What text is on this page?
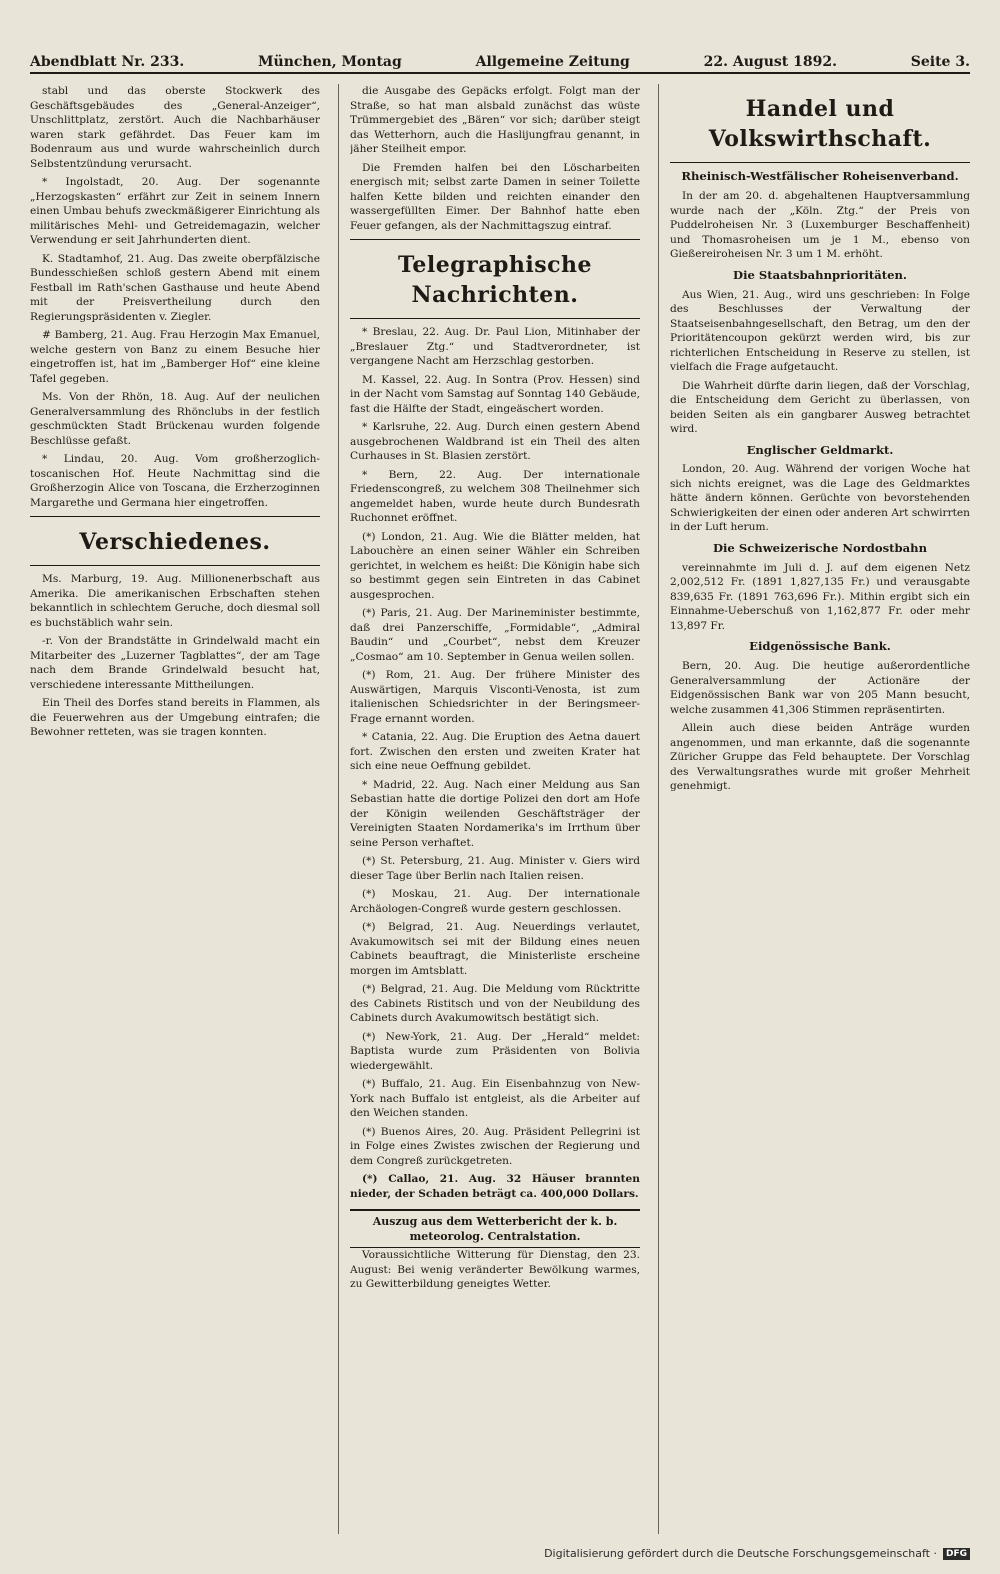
Abendblatt Nr. 233.	München, Montag	Allgemeine Zeitung	22. August 1892.	Seite 3.

stabl und das oberste Stockwerk des Geschäftsgebäudes des „General-Anzeiger“, Unschlittplatz, zerstört. Auch die Nachbarhäuser waren stark gefährdet. Das Feuer kam im Bodenraum aus und wurde wahrscheinlich durch Selbstentzündung verursacht.

* Ingolstadt, 20. Aug. Der sogenannte „Herzogskasten“ erfährt zur Zeit in seinem Innern einen Umbau behufs zweckmäßigerer Einrichtung als militärisches Mehl- und Getreidemagazin, welcher Verwendung er seit Jahrhunderten dient.

K. Stadtamhof, 21. Aug. Das zweite oberpfälzische Bundesschießen schloß gestern Abend mit einem Festball im Rath'schen Gasthause und heute Abend mit der Preisvertheilung durch den Regierungspräsidenten v. Ziegler.

# Bamberg, 21. Aug. Frau Herzogin Max Emanuel, welche gestern von Banz zu einem Besuche hier eingetroffen ist, hat im „Bamberger Hof“ eine kleine Tafel gegeben.

Ms. Von der Rhön, 18. Aug. Auf der neulichen Generalversammlung des Rhönclubs in der festlich geschmückten Stadt Brückenau wurden folgende Beschlüsse gefaßt.

* Lindau, 20. Aug. Vom großherzoglich-toscanischen Hof. Heute Nachmittag sind die Großherzogin Alice von Toscana, die Erzherzoginnen Margarethe und Germana hier eingetroffen.

Verschiedenes.

Ms. Marburg, 19. Aug. Millionenerbschaft aus Amerika. Die amerikanischen Erbschaften stehen bekanntlich in schlechtem Geruche, doch diesmal soll es buchstäblich wahr sein.

-r. Von der Brandstätte in Grindelwald macht ein Mitarbeiter des „Luzerner Tagblattes“, der am Tage nach dem Brande Grindelwald besucht hat, verschiedene interessante Mittheilungen.

Ein Theil des Dorfes stand bereits in Flammen, als die Feuerwehren aus der Umgebung eintrafen; die Bewohner retteten, was sie tragen konnten.

die Ausgabe des Gepäcks erfolgt. Folgt man der Straße, so hat man alsbald zunächst das wüste Trümmergebiet des „Bären“ vor sich; darüber steigt das Wetterhorn, auch die Haslijungfrau genannt, in jäher Steilheit empor.

Die Fremden halfen bei den Löscharbeiten energisch mit; selbst zarte Damen in seiner Toilette halfen Kette bilden und reichten einander den wassergefüllten Eimer. Der Bahnhof hatte eben Feuer gefangen, als der Nachmittagszug eintraf.

Telegraphische Nachrichten.

* Breslau, 22. Aug. Dr. Paul Lion, Mitinhaber der „Breslauer Ztg.“ und Stadtverordneter, ist vergangene Nacht am Herzschlag gestorben.

M. Kassel, 22. Aug. In Sontra (Prov. Hessen) sind in der Nacht vom Samstag auf Sonntag 140 Gebäude, fast die Hälfte der Stadt, eingeäschert worden.

* Karlsruhe, 22. Aug. Durch einen gestern Abend ausgebrochenen Waldbrand ist ein Theil des alten Curhauses in St. Blasien zerstört.

* Bern, 22. Aug. Der internationale Friedenscongreß, zu welchem 308 Theilnehmer sich angemeldet haben, wurde heute durch Bundesrath Ruchonnet eröffnet.

(*) London, 21. Aug. Wie die Blätter melden, hat Labouchère an einen seiner Wähler ein Schreiben gerichtet, in welchem es heißt: Die Königin habe sich so bestimmt gegen sein Eintreten in das Cabinet ausgesprochen.

(*) Paris, 21. Aug. Der Marineminister bestimmte, daß drei Panzerschiffe, „Formidable“, „Admiral Baudin“ und „Courbet“, nebst dem Kreuzer „Cosmao“ am 10. September in Genua weilen sollen.

(*) Rom, 21. Aug. Der frühere Minister des Auswärtigen, Marquis Visconti-Venosta, ist zum italienischen Schiedsrichter in der Beringsmeer-Frage ernannt worden.

* Catania, 22. Aug. Die Eruption des Aetna dauert fort. Zwischen den ersten und zweiten Krater hat sich eine neue Oeffnung gebildet.

* Madrid, 22. Aug. Nach einer Meldung aus San Sebastian hatte die dortige Polizei den dort am Hofe der Königin weilenden Geschäftsträger der Vereinigten Staaten Nordamerika's im Irrthum über seine Person verhaftet.

(*) St. Petersburg, 21. Aug. Minister v. Giers wird dieser Tage über Berlin nach Italien reisen.

(*) Moskau, 21. Aug. Der internationale Archäologen-Congreß wurde gestern geschlossen.

(*) Belgrad, 21. Aug. Neuerdings verlautet, Avakumowitsch sei mit der Bildung eines neuen Cabinets beauftragt, die Ministerliste erscheine morgen im Amtsblatt.

(*) Belgrad, 21. Aug. Die Meldung vom Rücktritte des Cabinets Ristitsch und von der Neubildung des Cabinets durch Avakumowitsch bestätigt sich.

(*) New-York, 21. Aug. Der „Herald“ meldet: Baptista wurde zum Präsidenten von Bolivia wiedergewählt.

(*) Buffalo, 21. Aug. Ein Eisenbahnzug von New-York nach Buffalo ist entgleist, als die Arbeiter auf den Weichen standen.

(*) Buenos Aires, 20. Aug. Präsident Pellegrini ist in Folge eines Zwistes zwischen der Regierung und dem Congreß zurückgetreten.

(*) Callao, 21. Aug. 32 Häuser brannten nieder, der Schaden beträgt ca. 400,000 Dollars.

Auszug aus dem Wetterbericht der k. b. meteorolog. Centralstation.

Voraussichtliche Witterung für Dienstag, den 23. August: Bei wenig veränderter Bewölkung warmes, zu Gewitterbildung geneigtes Wetter.

Handel und Volkswirthschaft.
Rheinisch-Westfälischer Roheisenverband.

In der am 20. d. abgehaltenen Hauptversammlung wurde nach der „Köln. Ztg.“ der Preis von Puddelroheisen Nr. 3 (Luxemburger Beschaffenheit) und Thomasroheisen um je 1 M., ebenso von Gießereiroheisen Nr. 3 um 1 M. erhöht.

Die Staatsbahnprioritäten.

Aus Wien, 21. Aug., wird uns geschrieben: In Folge des Beschlusses der Verwaltung der Staatseisenbahngesellschaft, den Betrag, um den der Prioritätencoupon gekürzt werden wird, bis zur richterlichen Entscheidung in Reserve zu stellen, ist vielfach die Frage aufgetaucht.

Die Wahrheit dürfte darin liegen, daß der Vorschlag, die Entscheidung dem Gericht zu überlassen, von beiden Seiten als ein gangbarer Ausweg betrachtet wird.

Englischer Geldmarkt.

London, 20. Aug. Während der vorigen Woche hat sich nichts ereignet, was die Lage des Geldmarktes hätte ändern können. Gerüchte von bevorstehenden Schwierigkeiten der einen oder anderen Art schwirrten in der Luft herum.

Die Schweizerische Nordostbahn

vereinnahmte im Juli d. J. auf dem eigenen Netz 2,002,512 Fr. (1891 1,827,135 Fr.) und verausgabte 839,635 Fr. (1891 763,696 Fr.). Mithin ergibt sich ein Einnahme-Ueberschuß von 1,162,877 Fr. oder mehr 13,897 Fr.

Eidgenössische Bank.

Bern, 20. Aug. Die heutige außerordentliche Generalversammlung der Actionäre der Eidgenössischen Bank war von 205 Mann besucht, welche zusammen 41,306 Stimmen repräsentirten.

Allein auch diese beiden Anträge wurden angenommen, und man erkannte, daß die sogenannte Züricher Gruppe das Feld behauptete. Der Vorschlag des Verwaltungsrathes wurde mit großer Mehrheit genehmigt.

Digitalisierung gefördert durch die Deutsche Forschungsgemeinschaft ·	DFG
